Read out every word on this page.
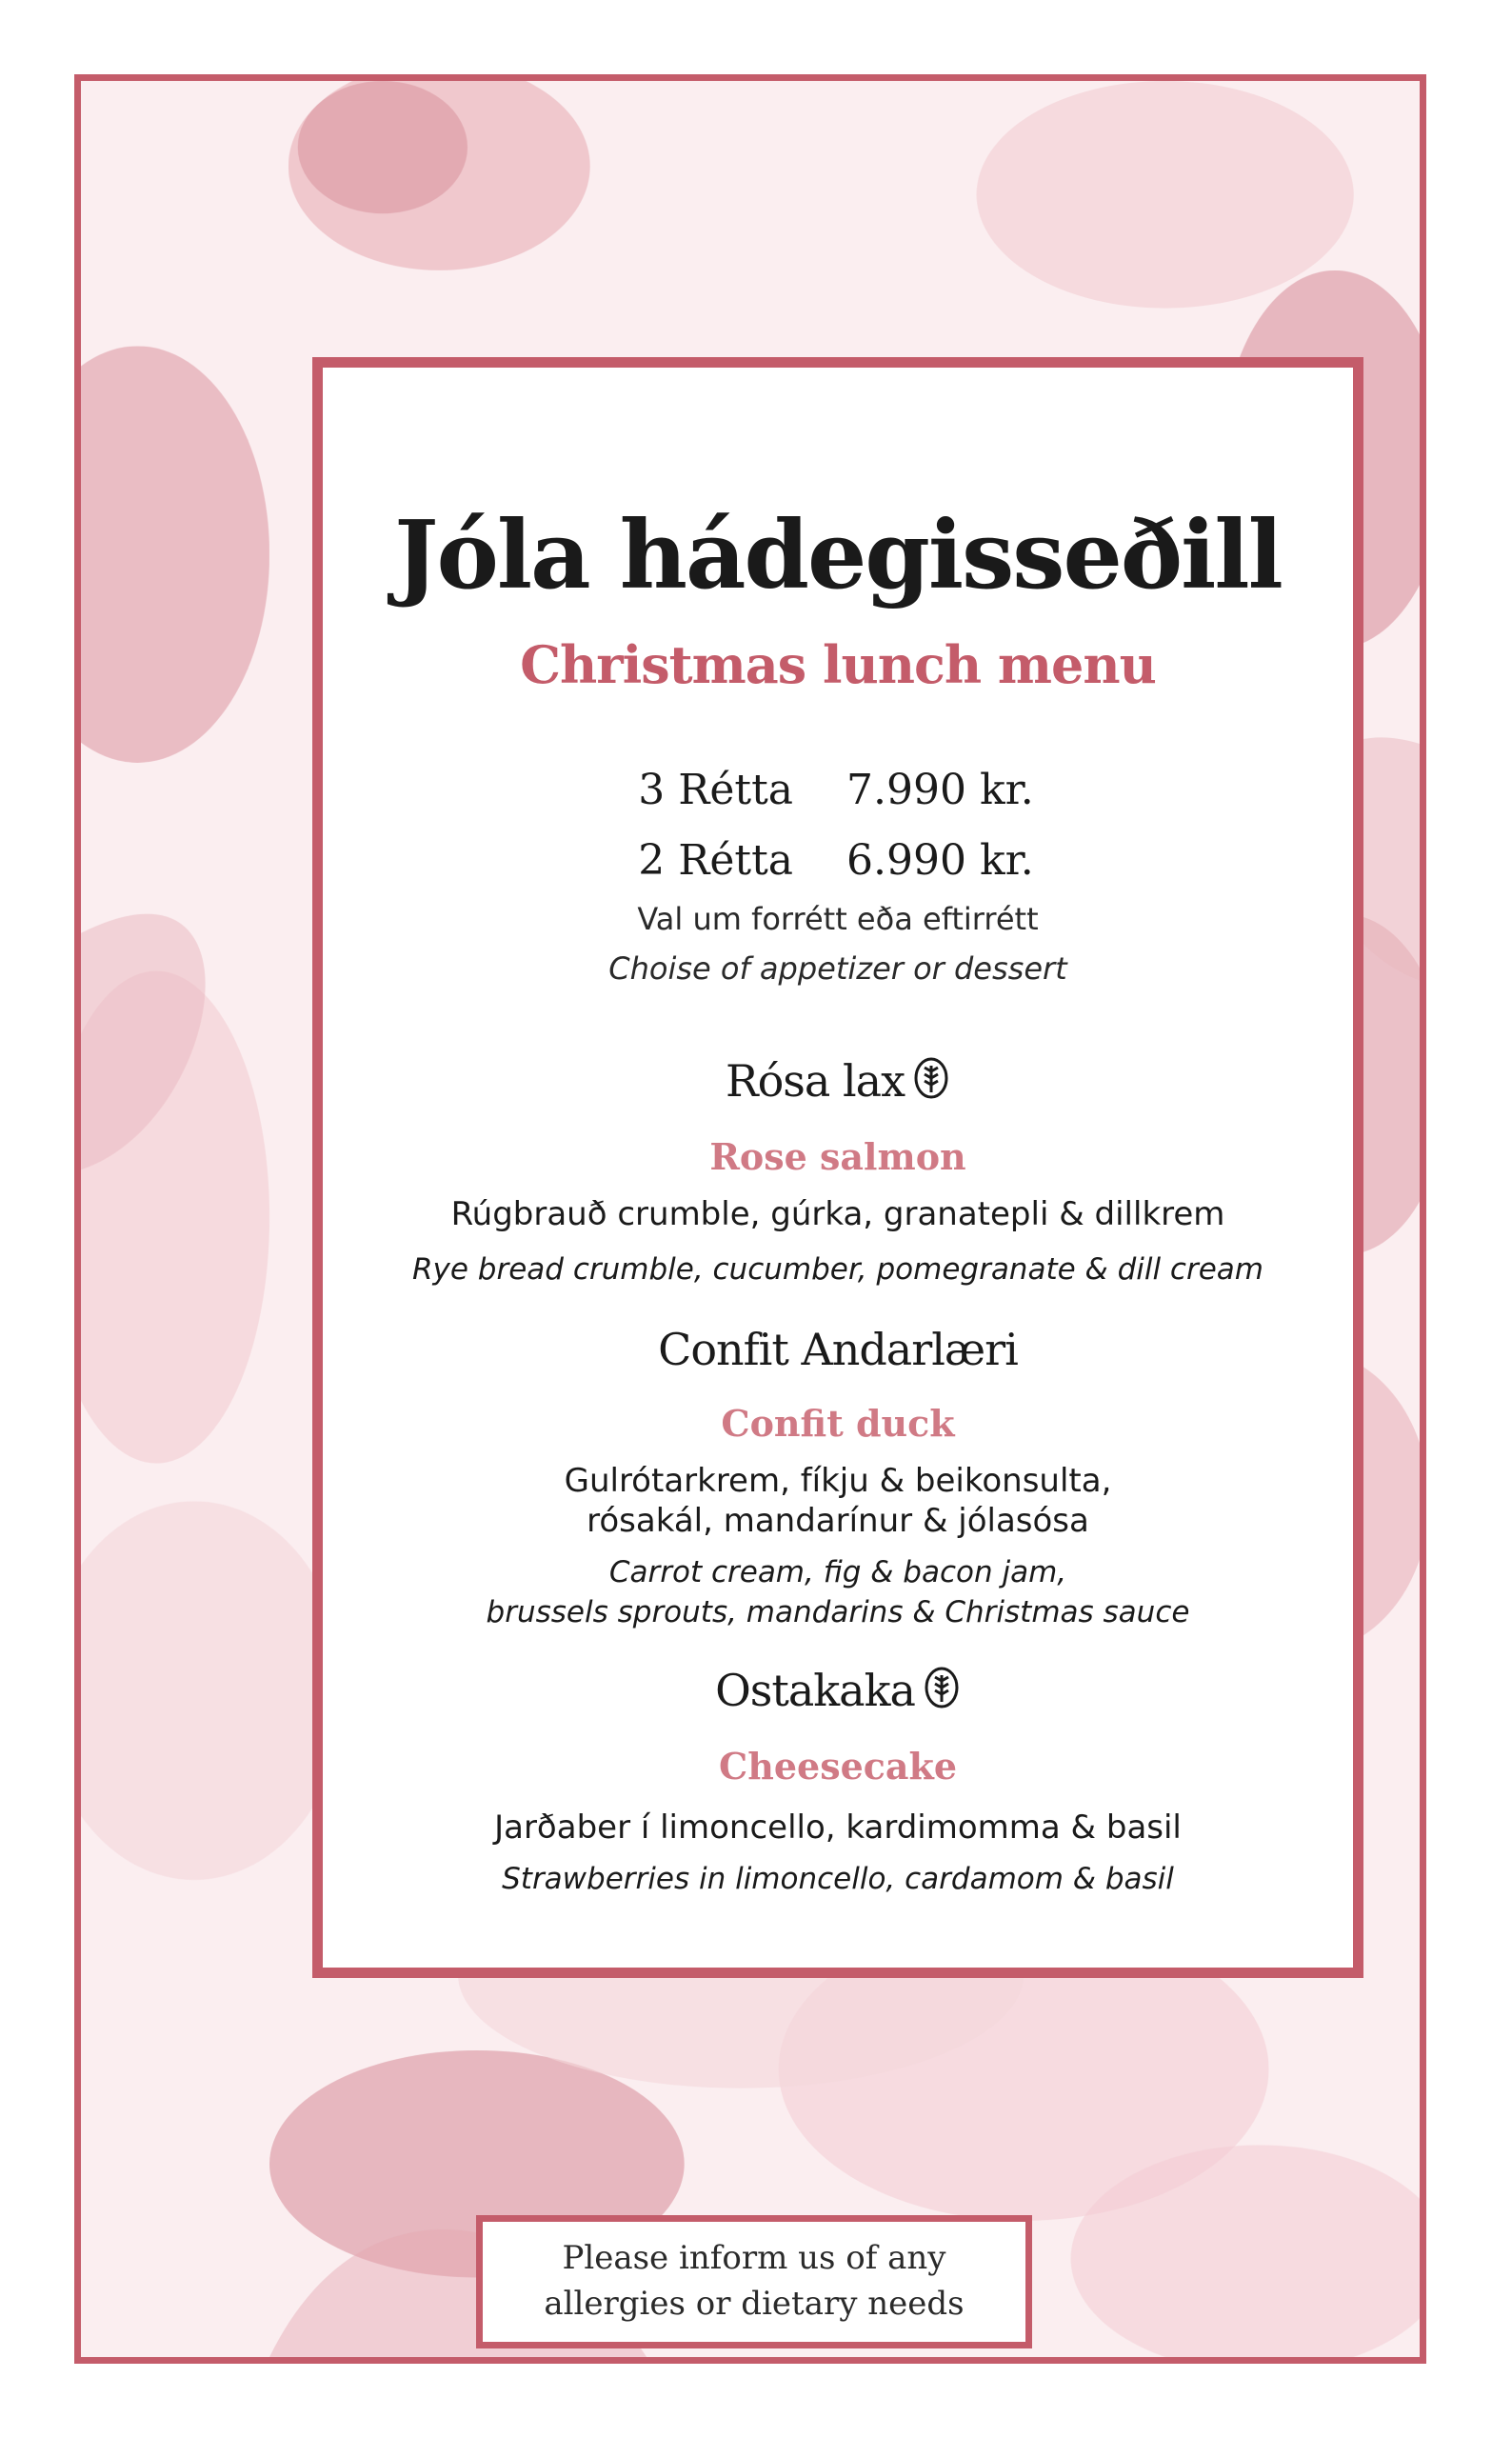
Jóla hádegisseðill
Christmas lunch menu
3 Rétta 7.990 kr.
2 Rétta 6.990 kr.

Val um forrétt eða eftirrétt

Choise of appetizer or dessert

Rósa lax

Rose salmon

Rúgbrauð crumble, gúrka, granatepli & dillkrem

Rye bread crumble, cucumber, pomegranate & dill cream

Confit Andarlæri

Confit duck

Gulrótarkrem, fíkju & beikonsulta,

rósakál, mandarínur & jólasósa

Carrot cream, fig & bacon jam,

brussels sprouts, mandarins & Christmas sauce

Ostakaka

Cheesecake

Jarðaber í limoncello, kardimomma & basil

Strawberries in limoncello, cardamom & basil

Please inform us of any
allergies or dietary needs
